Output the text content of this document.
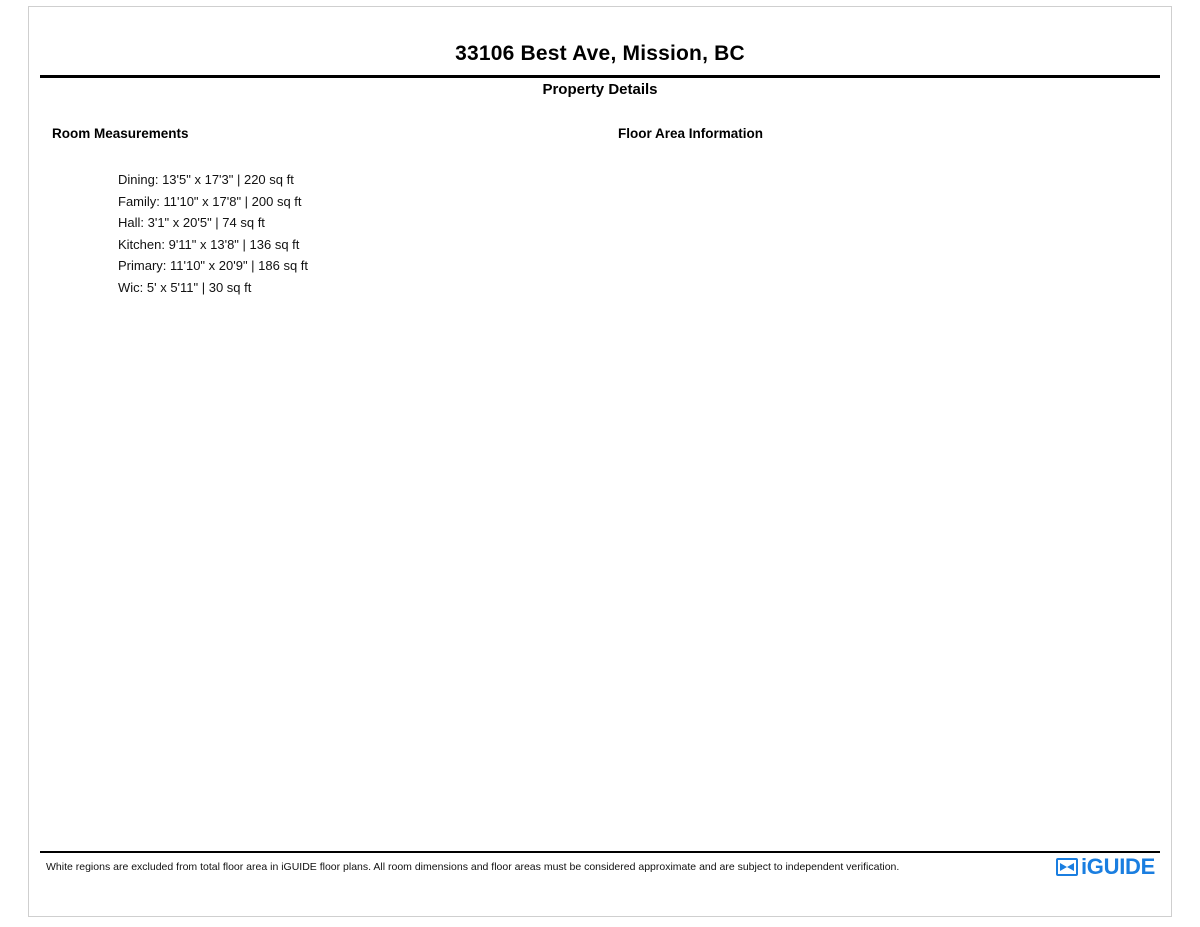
33106 Best Ave, Mission, BC
Property Details
Room Measurements	Floor Area Information
Dining: 13'5" x 17'3" | 220 sq ft
Family: 11'10" x 17'8" | 200 sq ft
Hall: 3'1" x 20'5" | 74 sq ft
Kitchen: 9'11" x 13'8" | 136 sq ft
Primary: 11'10" x 20'9" | 186 sq ft
Wic: 5' x 5'11" | 30 sq ft
White regions are excluded from total floor area in iGUIDE floor plans. All room dimensions and floor areas must be considered approximate and are subject to independent verification.	iGUIDE
